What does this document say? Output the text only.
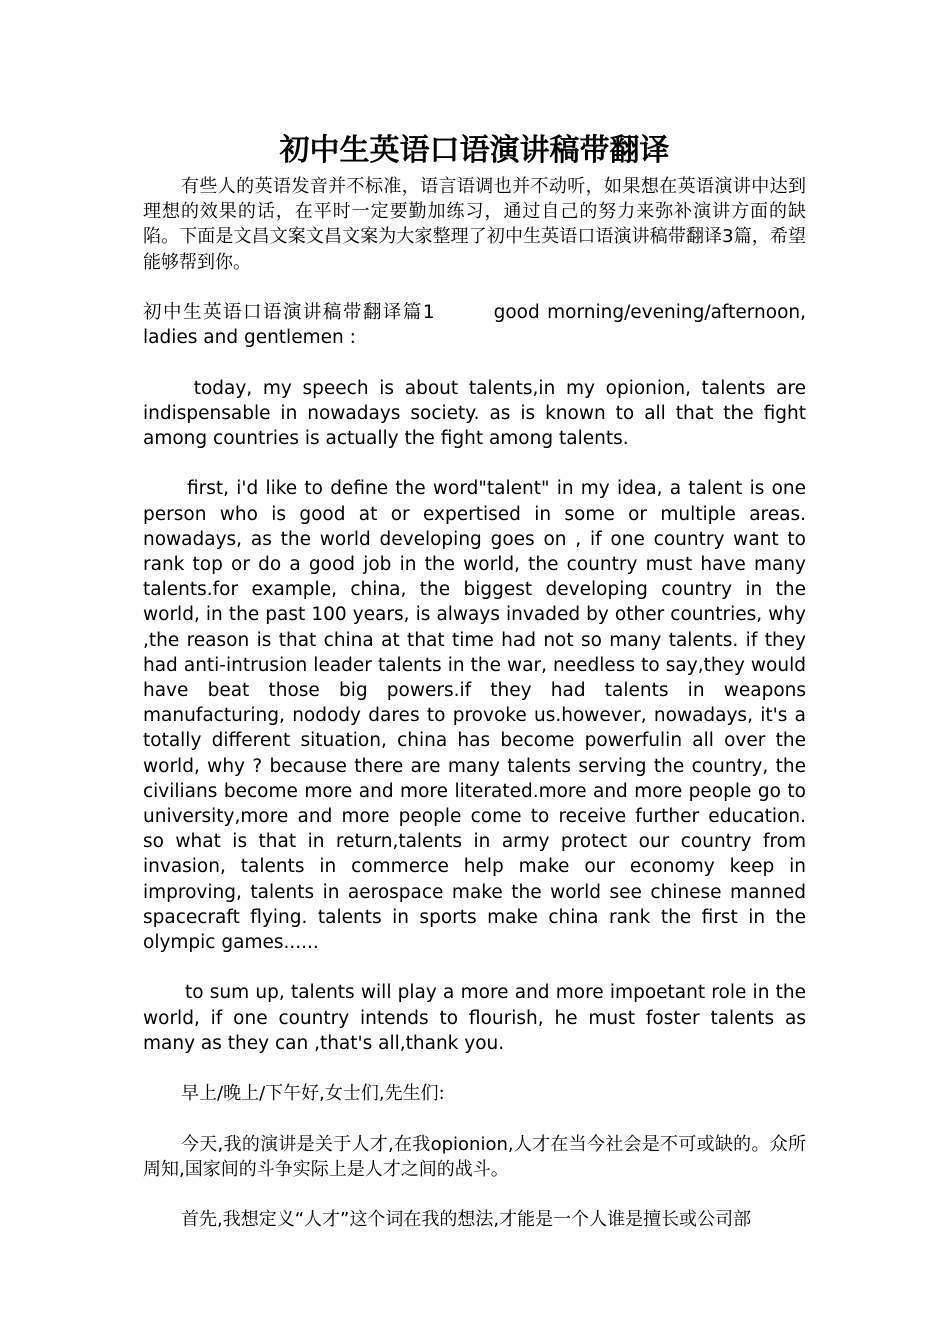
初中生英语口语演讲稿带翻译

有些人的英语发音并不标准，语言语调也并不动听，如果想在英语演讲中达到理想的效果的话，在平时一定要勤加练习，通过自己的努力来弥补演讲方面的缺陷。下面是文昌文案文昌文案为大家整理了初中生英语口语演讲稿带翻译3篇，希望能够帮到你。

初中生英语口语演讲稿带翻译篇1        good morning/evening/afternoon, ladies and gentlemen :

today, my speech is about talents,in my opionion, talents are indispensable in nowadays society. as is known to all that the fight among countries is actually the fight among talents.

first, i'd like to define the word"talent" in my idea, a talent is one person who is good at or expertised in some or multiple areas. nowadays, as the world developing goes on , if one country want to rank top or do a good job in the world, the country must have many talents.for example, china, the biggest developing country in the world, in the past 100 years, is always invaded by other countries, why ,the reason is that china at that time had not so many talents. if they had anti-intrusion leader talents in the war, needless to say,they would have beat those big powers.if they had talents in weapons manufacturing, nodody dares to provoke us.however, nowadays, it's a totally different situation, china has become powerfulin all over the world, why ? because there are many talents serving the country, the civilians become more and more literated.more and more people go to university,more and more people come to receive further education. so what is that in return,talents in army protect our country from invasion, talents in commerce help make our economy keep in improving, talents in aerospace make the world see chinese manned spacecraft flying. talents in sports make china rank the first in the olympic games......

to sum up, talents will play a more and more impoetant role in the world, if one country intends to flourish, he must foster talents as many as they can ,that's all,thank you.

早上/晚上/下午好,女士们,先生们:

今天,我的演讲是关于人才,在我opionion,人才在当今社会是不可或缺的。众所周知,国家间的斗争实际上是人才之间的战斗。

首先,我想定义“人才”这个词在我的想法,才能是一个人谁是擅长或公司部
